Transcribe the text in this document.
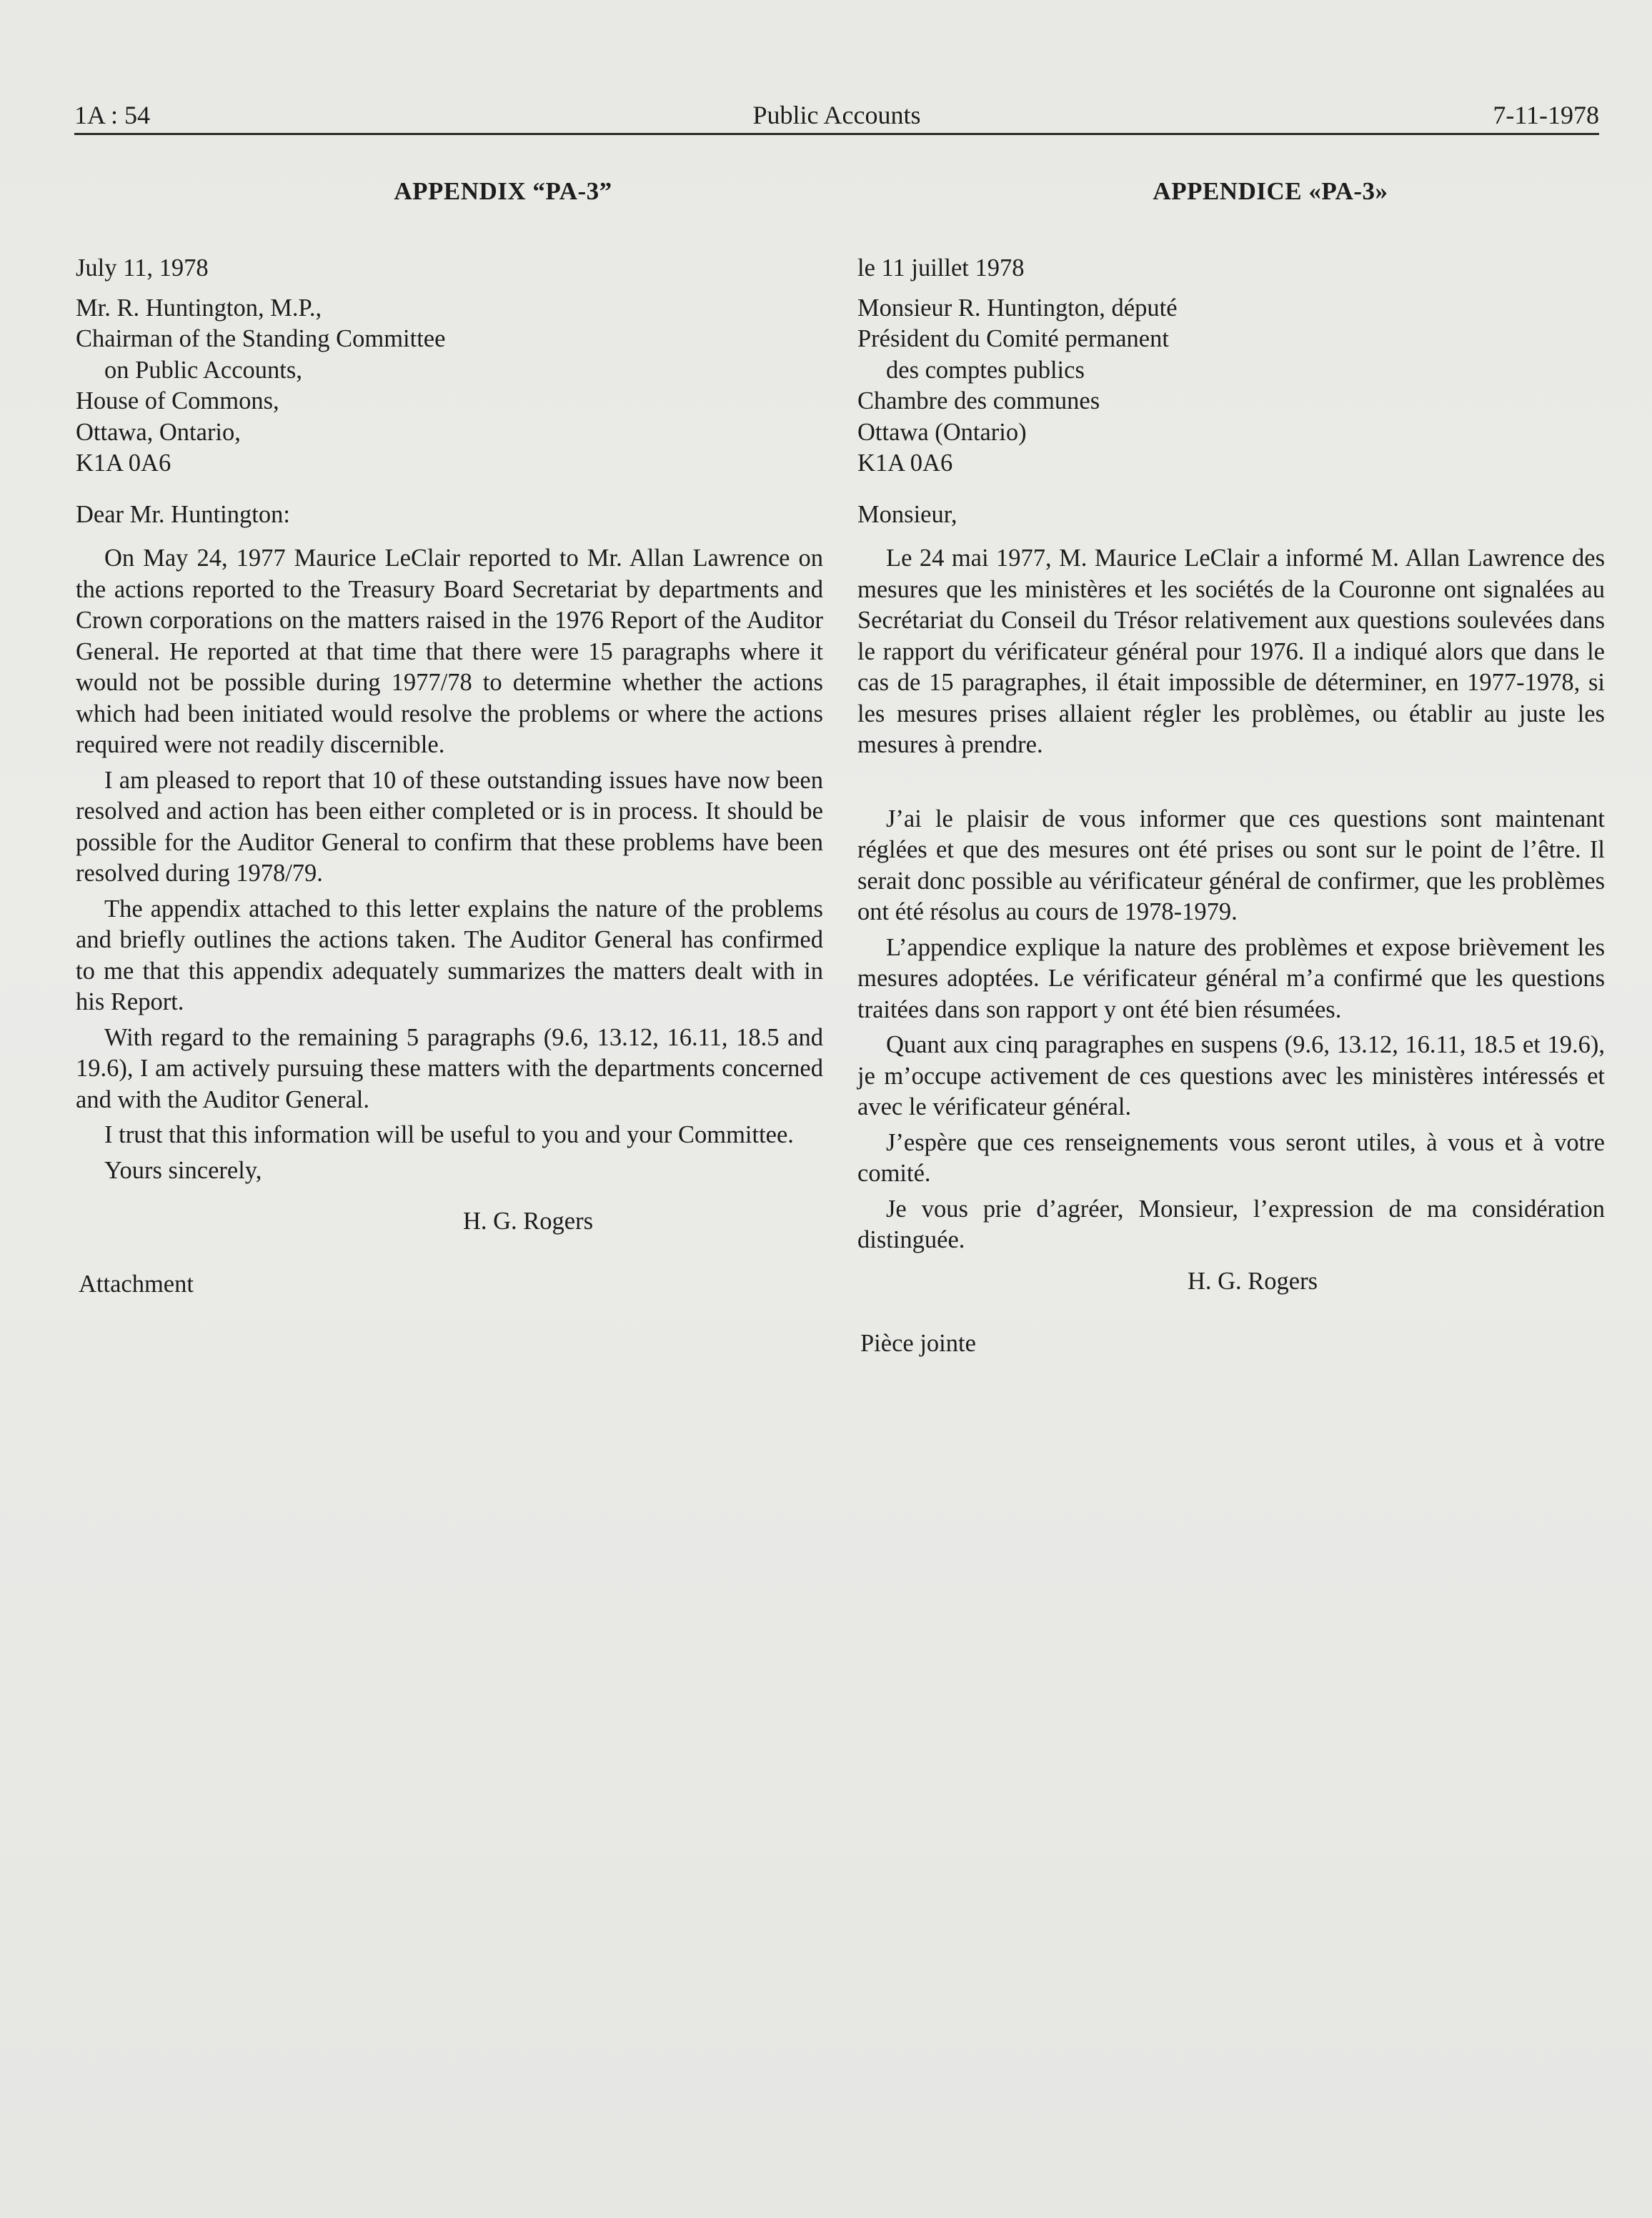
1A : 54	Public Accounts	7-11-1978
APPENDIX “PA-3”

July 11, 1978

Mr. R. Huntington, M.P.,
Chairman of the Standing Committee
on Public Accounts,
House of Commons,
Ottawa, Ontario,
K1A 0A6

Dear Mr. Huntington:

On May 24, 1977 Maurice LeClair reported to Mr. Allan Lawrence on the actions reported to the Treasury Board Secretariat by departments and Crown corporations on the matters raised in the 1976 Report of the Auditor General. He reported at that time that there were 15 paragraphs where it would not be possible during 1977/78 to determine whether the actions which had been initiated would resolve the problems or where the actions required were not readily discernible.

I am pleased to report that 10 of these outstanding issues have now been resolved and action has been either completed or is in process. It should be possible for the Auditor General to confirm that these problems have been resolved during 1978/79.

The appendix attached to this letter explains the nature of the problems and briefly outlines the actions taken. The Auditor General has confirmed to me that this appendix adequately summarizes the matters dealt with in his Report.

With regard to the remaining 5 paragraphs (9.6, 13.12, 16.11, 18.5 and 19.6), I am actively pursuing these matters with the departments concerned and with the Auditor General.

I trust that this information will be useful to you and your Committee.

Yours sincerely,

H. G. Rogers

Attachment

APPENDICE «PA-3»

le 11 juillet 1978

Monsieur R. Huntington, député
Président du Comité permanent
des comptes publics
Chambre des communes
Ottawa (Ontario)
K1A 0A6

Monsieur,

Le 24 mai 1977, M. Maurice LeClair a informé M. Allan Lawrence des mesures que les ministères et les sociétés de la Couronne ont signalées au Secrétariat du Conseil du Trésor relativement aux questions soulevées dans le rapport du vérificateur général pour 1976. Il a indiqué alors que dans le cas de 15 paragraphes, il était impossible de déterminer, en 1977-1978, si les mesures prises allaient régler les problèmes, ou établir au juste les mesures à prendre.

J’ai le plaisir de vous informer que ces questions sont maintenant réglées et que des mesures ont été prises ou sont sur le point de l’être. Il serait donc possible au vérificateur général de confirmer, que les problèmes ont été résolus au cours de 1978-1979.

L’appendice explique la nature des problèmes et expose brièvement les mesures adoptées. Le vérificateur général m’a confirmé que les questions traitées dans son rapport y ont été bien résumées.

Quant aux cinq paragraphes en suspens (9.6, 13.12, 16.11, 18.5 et 19.6), je m’occupe activement de ces questions avec les ministères intéressés et avec le vérificateur général.

J’espère que ces renseignements vous seront utiles, à vous et à votre comité.

Je vous prie d’agréer, Monsieur, l’expression de ma considération distinguée.

H. G. Rogers

Pièce jointe
